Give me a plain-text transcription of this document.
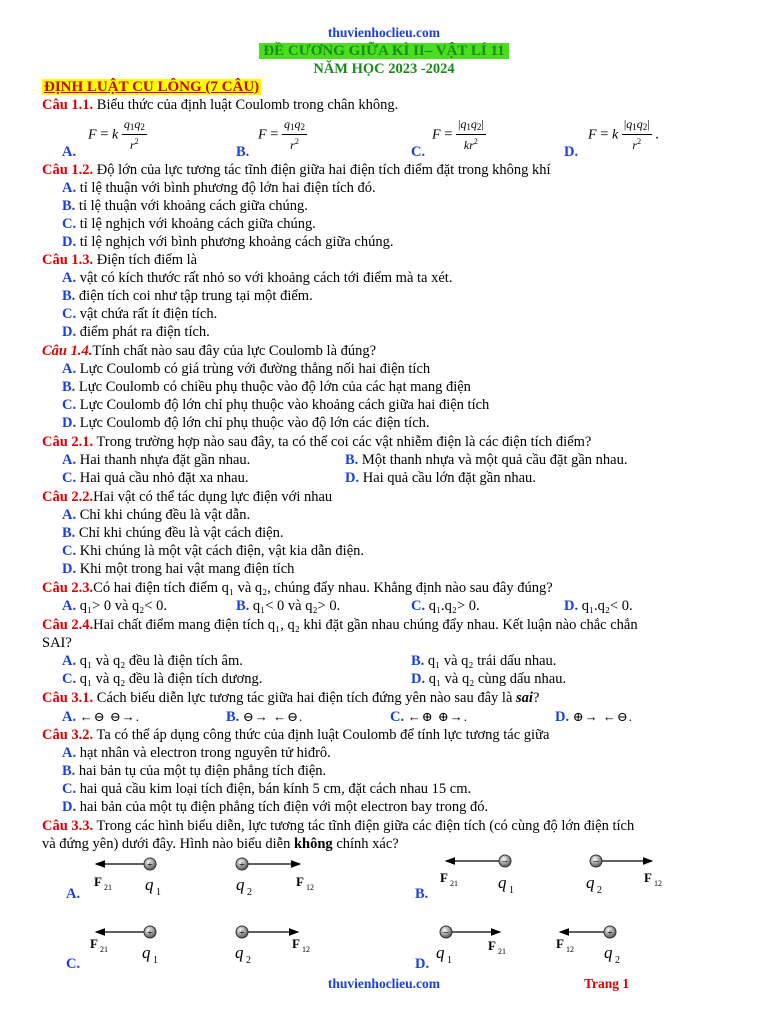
thuvienhoclieu.com
ĐỀ CƯƠNG GIỮA KÌ II– VẬT LÍ 11
NĂM HỌC 2023 -2024
ĐỊNH LUẬT CU LÔNG (7 CÂU)
Câu 1.1. Biểu thức của định luật Coulomb trong chân không.
A.
F = k $\frac{q_1q_2}{r^2}$	B.
$F = \frac{q_1q_2}{r^2}$	C.
$F = \frac{|q_1q_2|}{kr^2}$	D.
F = k $\frac{|q_1q_2|}{r^2}$ .
Câu 1.2. Độ lớn của lực tương tác tĩnh điện giữa hai điện tích điểm đặt trong không khí
A. tỉ lệ thuận với bình phương độ lớn hai điện tích đó.
B. tỉ lệ thuận với khoảng cách giữa chúng.
C. tỉ lệ nghịch với khoảng cách giữa chúng.
D. tỉ lệ nghịch với bình phương khoảng cách giữa chúng.
Câu 1.3. Điện tích điểm là
A. vật có kích thước rất nhỏ so với khoảng cách tới điểm mà ta xét.
B. điện tích coi như tập trung tại một điểm.
C. vật chứa rất ít điện tích.
D. điểm phát ra điện tích.
Câu 1.4.Tính chất nào sau đây của lực Coulomb là đúng?
A. Lực Coulomb có giá trùng với đường thẳng nối hai điện tích
B. Lực Coulomb có chiều phụ thuộc vào độ lớn của các hạt mang điện
C. Lực Coulomb độ lớn chỉ phụ thuộc vào khoảng cách giữa hai điện tích
D. Lực Coulomb độ lớn chỉ phụ thuộc vào độ lớn các điện tích.
Câu 2.1. Trong trường hợp nào sau đây, ta có thể coi các vật nhiễm điện là các điện tích điểm?
A. Hai thanh nhựa đặt gần nhau.	B. Một thanh nhựa và một quả cầu đặt gần nhau.
C. Hai quả cầu nhỏ đặt xa nhau.	D. Hai quả cầu lớn đặt gần nhau.
Câu 2.2.Hai vật có thể tác dụng lực điện với nhau
A. Chỉ khi chúng đều là vật dẫn.
B. Chỉ khi chúng đều là vật cách điện.
C. Khi chúng là một vật cách điện, vật kia dẫn điện.
D. Khi một trong hai vật mang điện tích
Câu 2.3.Có hai điện tích điểm q₁ và q₂, chúng đẩy nhau. Khẳng định nào sau đây đúng?
A. q₁> 0 và q₂< 0.	B. q₁< 0 và q₂> 0.	C. q₁.q₂> 0.	D. q₁.q₂< 0.
Câu 2.4.Hai chất điểm mang điện tích q₁, q₂ khi đặt gần nhau chúng đẩy nhau. Kết luận nào chắc chắn
SAI?
A. q₁ và q₂ đều là điện tích âm.	B. q₁ và q₂ trái dấu nhau.
C. q₁ và q₂ đều là điện tích dương.	D. q₁ và q₂ cùng dấu nhau.
Câu 3.1. Cách biểu diễn lực tương tác giữa hai điện tích đứng yên nào sau đây là sai?
A. ←⊖ ⊖→.	B. ⊖→ ←⊖.	C. ←⊕ ⊕→.	D. ⊕→ ←⊖.
Câu 3.2. Ta có thể áp dụng công thức của định luật Coulomb để tính lực tương tác giữa
A. hạt nhân và electron trong nguyên tử hiđrô.
B. hai bản tụ của một tụ điện phẳng tích điện.
C. hai quả cầu kim loại tích điện, bán kính 5 cm, đặt cách nhau 15 cm.
D. hai bản của một tụ điện phẳng tích điện với một electron bay trong đó.
Câu 3.3. Trong các hình biểu diễn, lực tương tác tĩnh điện giữa các điện tích (có cùng độ lớn điện tích
và đứng yên) dưới đây. Hình nào biểu diễn không chính xác?
+
F 21 q 1
+
q 2
F 12
−
F 21 q 1
−
q 2
F 12
+
F 21 q 1
+
q 2
F 12
−
q 1
F 21
+
F 12 q 2
A.	B.
C.	D.
thuvienhoclieu.com	Trang 1
